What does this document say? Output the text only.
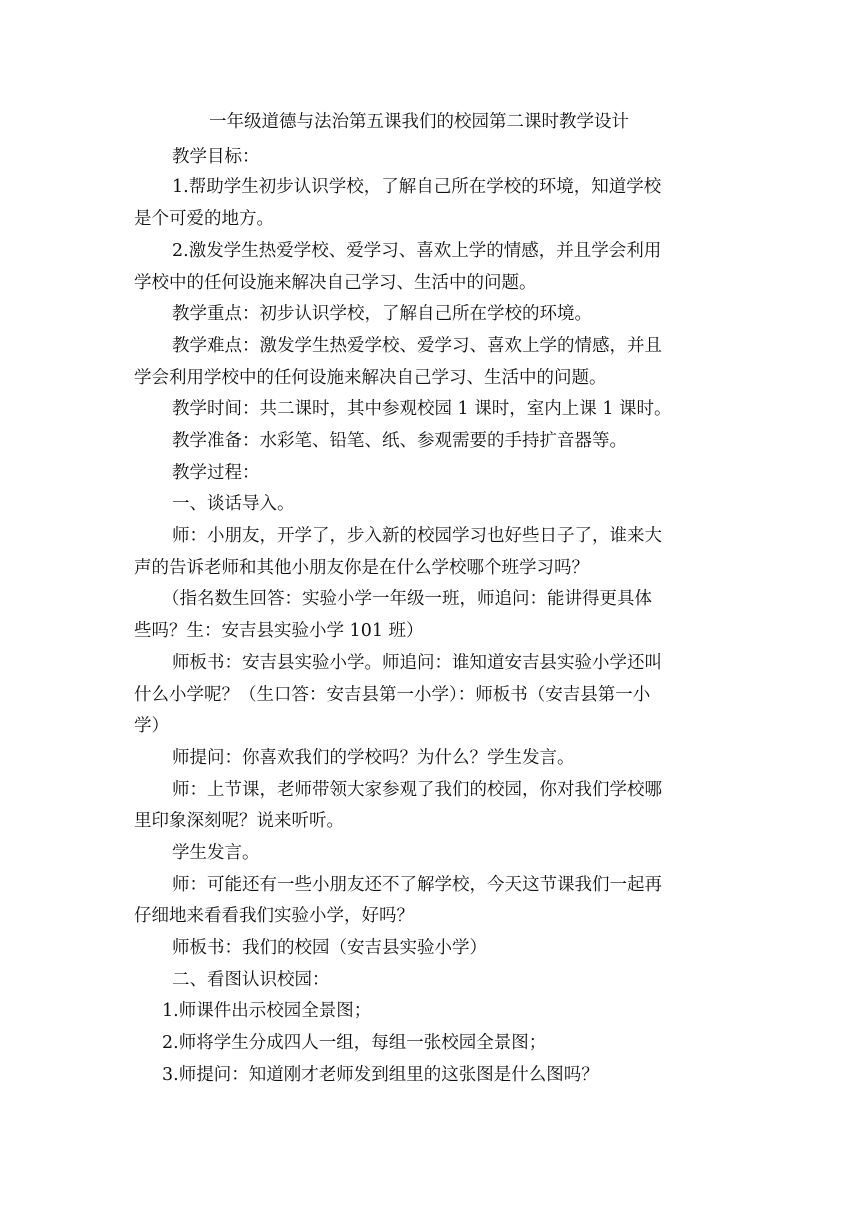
一年级道德与法治第五课我们的校园第二课时教学设计
教学目标：
1.帮助学生初步认识学校，了解自己所在学校的环境，知道学校
是个可爱的地方。
2.激发学生热爱学校、爱学习、喜欢上学的情感，并且学会利用
学校中的任何设施来解决自己学习、生活中的问题。
教学重点：初步认识学校，了解自己所在学校的环境。
教学难点：激发学生热爱学校、爱学习、喜欢上学的情感，并且
学会利用学校中的任何设施来解决自己学习、生活中的问题。
教学时间：共二课时，其中参观校园 1 课时，室内上课 1 课时。
教学准备：水彩笔、铅笔、纸、参观需要的手持扩音器等。
教学过程：
一、谈话导入。
师：小朋友，开学了，步入新的校园学习也好些日子了，谁来大
声的告诉老师和其他小朋友你是在什么学校哪个班学习吗？
（指名数生回答：实验小学一年级一班，师追问：能讲得更具体
些吗？生：安吉县实验小学 101 班）
师板书：安吉县实验小学。师追问：谁知道安吉县实验小学还叫
什么小学呢？（生口答：安吉县第一小学）：师板书（安吉县第一小
学）
师提问：你喜欢我们的学校吗？为什么？学生发言。
师：上节课，老师带领大家参观了我们的校园，你对我们学校哪
里印象深刻呢？说来听听。
学生发言。
师：可能还有一些小朋友还不了解学校，今天这节课我们一起再
仔细地来看看我们实验小学，好吗？
师板书：我们的校园（安吉县实验小学）
二、看图认识校园：
1.师课件出示校园全景图；
2.师将学生分成四人一组，每组一张校园全景图；
3.师提问：知道刚才老师发到组里的这张图是什么图吗？
